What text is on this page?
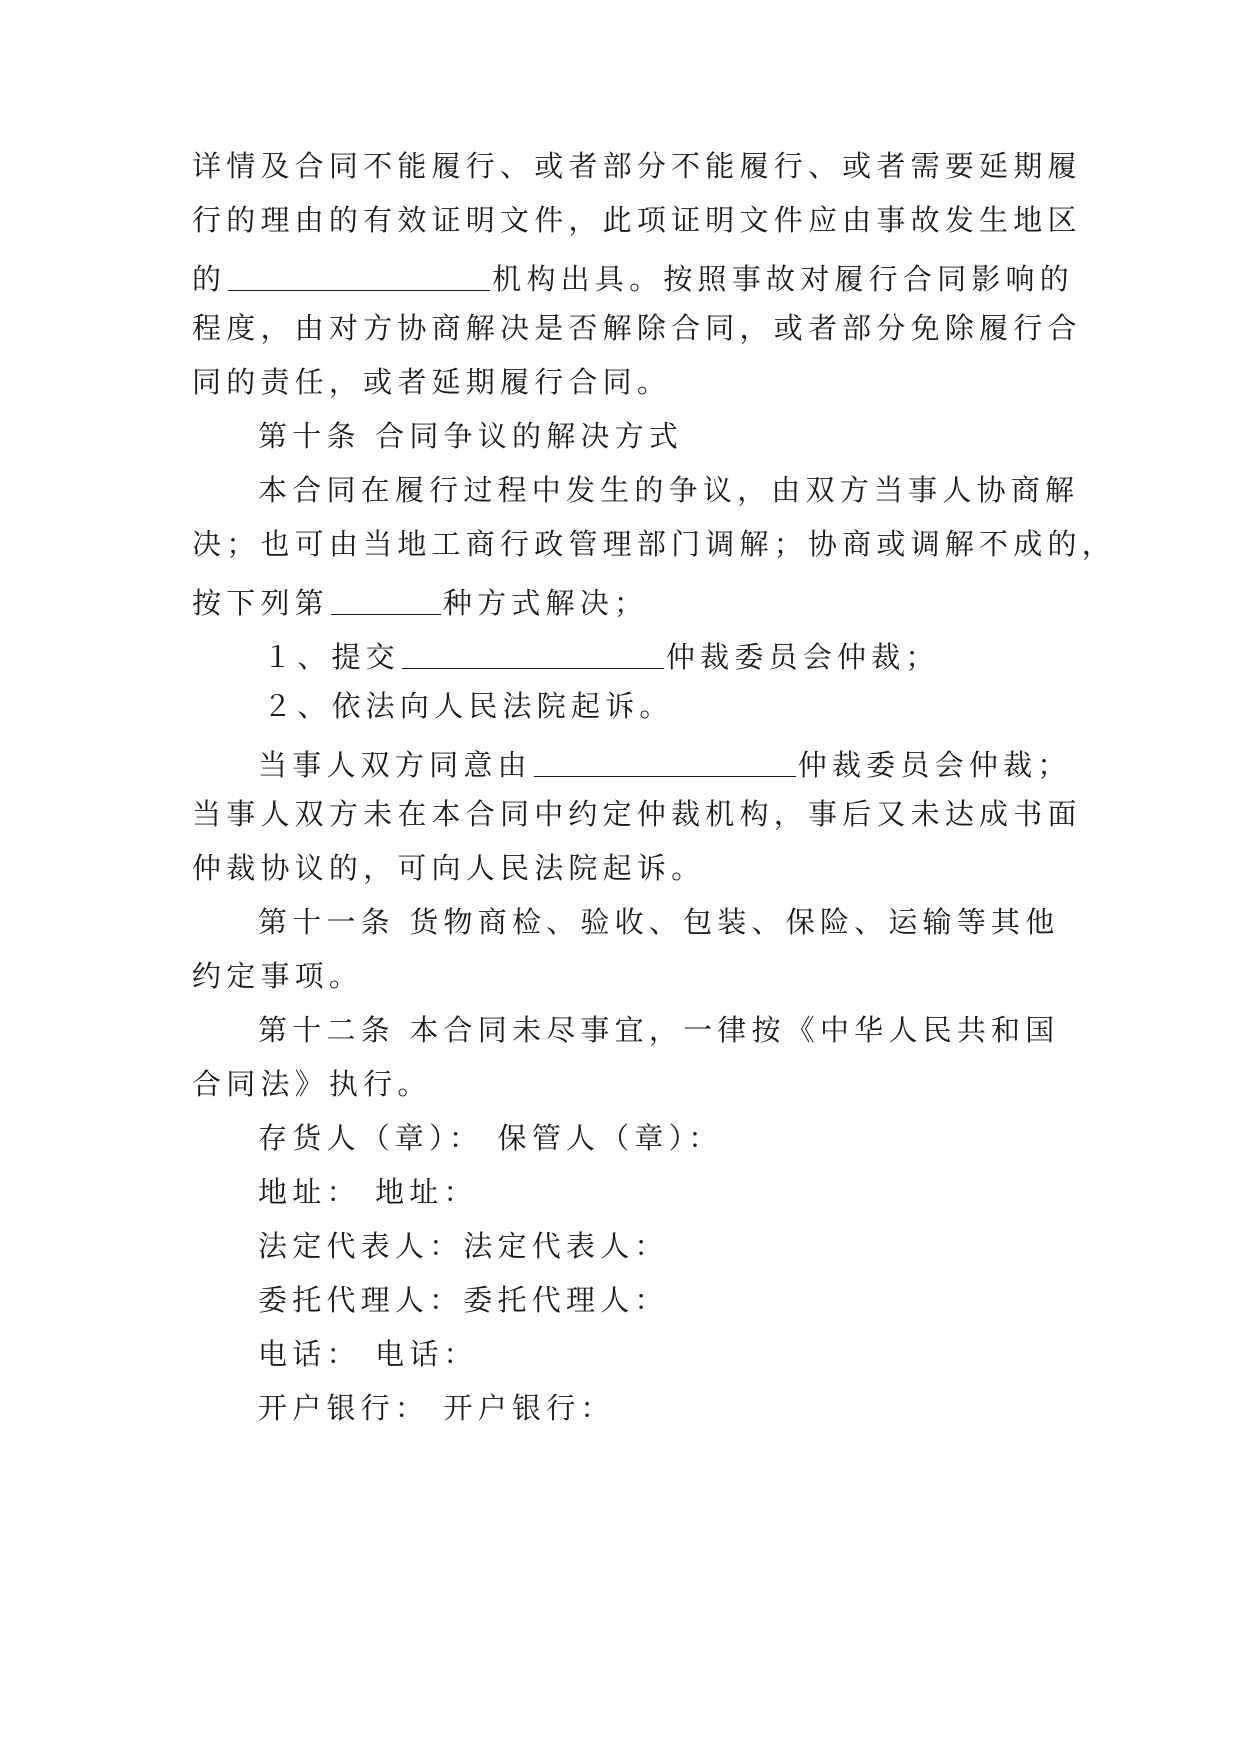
详情及合同不能履行、或者部分不能履行、或者需要延期履
行的理由的有效证明文件，此项证明文件应由事故发生地区
的	机构出具。按照事故对履行合同影响的
程度，由对方协商解决是否解除合同，或者部分免除履行合
同的责任，或者延期履行合同。
第十条 合同争议的解决方式
本合同在履行过程中发生的争议，由双方当事人协商解
决；也可由当地工商行政管理部门调解；协商或调解不成的，
按下列第	种方式解决；
１、提交	仲裁委员会仲裁；
２、依法向人民法院起诉。
当事人双方同意由	仲裁委员会仲裁；
当事人双方未在本合同中约定仲裁机构，事后又未达成书面
仲裁协议的，可向人民法院起诉。
第十一条 货物商检、验收、包装、保险、运输等其他
约定事项。
第十二条 本合同未尽事宜，一律按《中华人民共和国
合同法》执行。
存货人（章）： 保管人（章）：
地址： 地址：
法定代表人：法定代表人：
委托代理人：委托代理人：
电话： 电话：
开户银行： 开户银行：
